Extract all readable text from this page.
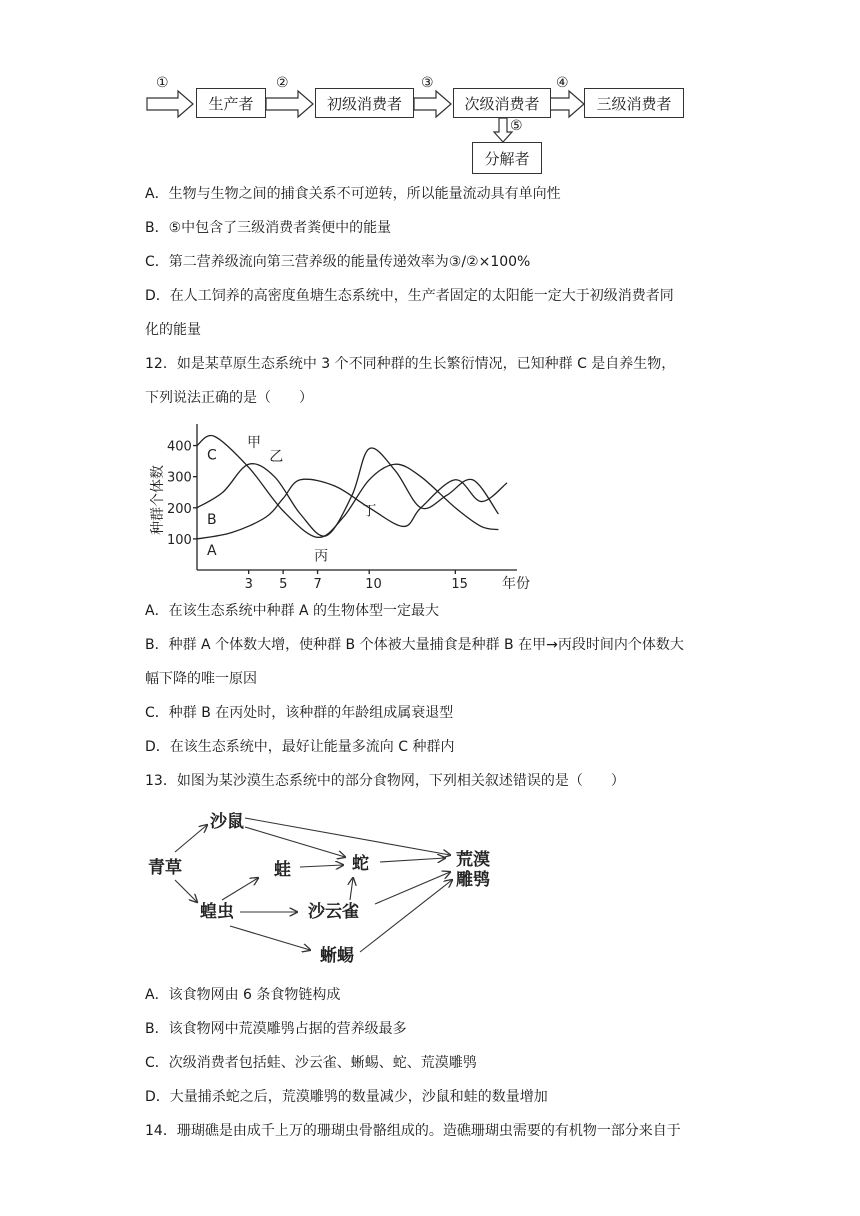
①	②	③	④
⑤
生产者	初级消费者	次级消费者	三级消费者
分解者
A．生物与生物之间的捕食关系不可逆转，所以能量流动具有单向性
B．⑤中包含了三级消费者粪便中的能量
C．第二营养级流向第三营养级的能量传递效率为③/②×100%
D．在人工饲养的高密度鱼塘生态系统中，生产者固定的太阳能一定大于初级消费者同
化的能量
12．如是某草原生态系统中 3 个不同种群的生长繁衍情况，已知种群 C 是自养生物，
下列说法正确的是（　　）
100
200
300
400
3 5 7	10	15
种群个体数
年份
C
B
A
甲
乙
丙
丁
A．在该生态系统中种群 A 的生物体型一定最大
B．种群 A 个体数大增，使种群 B 个体被大量捕食是种群 B 在甲→丙段时间内个体数大
幅下降的唯一原因
C．种群 B 在丙处时，该种群的年龄组成属衰退型
D．在该生态系统中，最好让能量多流向 C 种群内
13．如图为某沙漠生态系统中的部分食物网，下列相关叙述错误的是（　　）
青草
沙鼠
蛙	蛇	荒漠
雕鸮
蝗虫	沙云雀
蜥蜴
A．该食物网由 6 条食物链构成
B．该食物网中荒漠雕鸮占据的营养级最多
C．次级消费者包括蛙、沙云雀、蜥蜴、蛇、荒漠雕鸮
D．大量捕杀蛇之后，荒漠雕鸮的数量减少，沙鼠和蛙的数量增加
14．珊瑚礁是由成千上万的珊瑚虫骨骼组成的。造礁珊瑚虫需要的有机物一部分来自于
